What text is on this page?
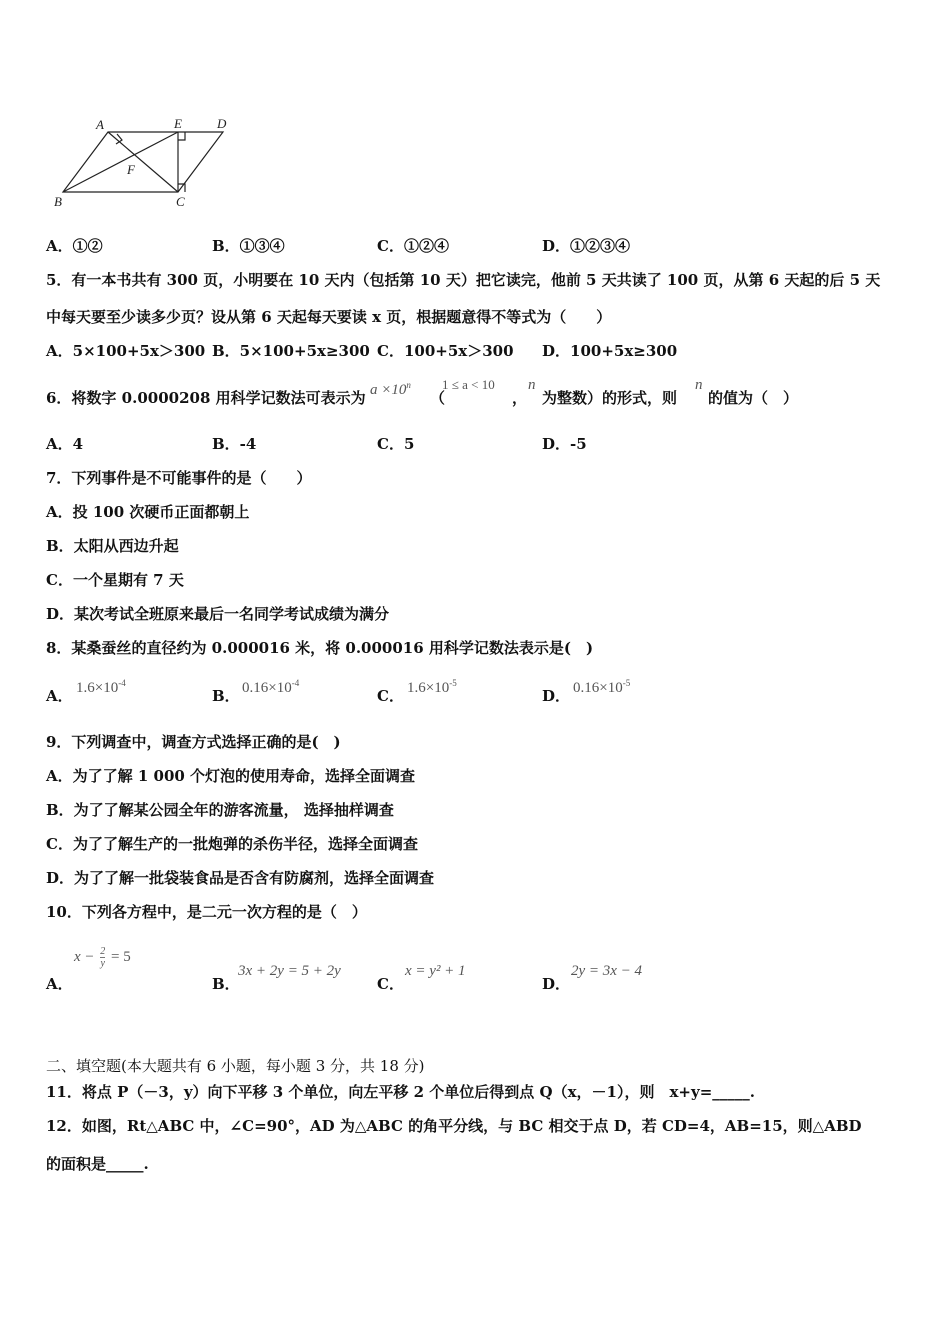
A	E	D
F
B	C
A．①②	B．①③④	C．①②④	D．①②③④
5．有一本书共有 300 页，小明要在 10 天内（包括第 10 天）把它读完，他前 5 天共读了 100 页，从第 6 天起的后 5 天
中每天要至少读多少页？设从第 6 天起每天要读 x 页，根据题意得不等式为（　　）
A．5×100+5x＞300 B．5×100+5x≥300 C．100+5x＞300 D．100+5x≥300
6．将数字 0.0000208 用科学记数法可表示为 $a \times 10^n$
（
1 ≤ a < 10
，
n
为整数）的形式，则
n
的值为（　）
A．4	B．-4	C．5	D．-5
7．下列事件是不可能事件的是（　　）
A．投 100 次硬币正面都朝上
B．太阳从西边升起
C．一个星期有 7 天
D．某次考试全班原来最后一名同学考试成绩为满分
8．某桑蚕丝的直径约为 0.000016 米，将 0.000016 用科学记数法表示是(　)
A． $1.6\times 10^{-4}$
B． $0.16\times 10^{-4}$
C． $1.6\times 10^{-5}$
D． $0.16\times 10^{-5}$
9．下列调查中，调查方式选择正确的是(　)
A．为了了解 1 000 个灯泡的使用寿命，选择全面调查
B．为了了解某公园全年的游客流量， 选择抽样调查
C．为了了解生产的一批炮弹的杀伤半径，选择全面调查
D．为了了解一批袋装食品是否含有防腐剂，选择全面调查
10．下列各方程中，是二元一次方程的是（　）
A．
$x - \frac{2}{y} = 5$
B．
3x + 2y = 5 + 2y
C．
x = y² + 1
D．
2y = 3x − 4
二、填空题(本大题共有 6 小题，每小题 3 分，共 18 分)
11．将点 P（－3，y）向下平移 3 个单位，向左平移 2 个单位后得到点 Q（x，－1），则　x+y=_____.
12．如图，Rt△ABC 中，∠C=90°，AD 为△ABC 的角平分线，与 BC 相交于点 D，若 CD=4，AB=15，则△ABD
的面积是_____.
